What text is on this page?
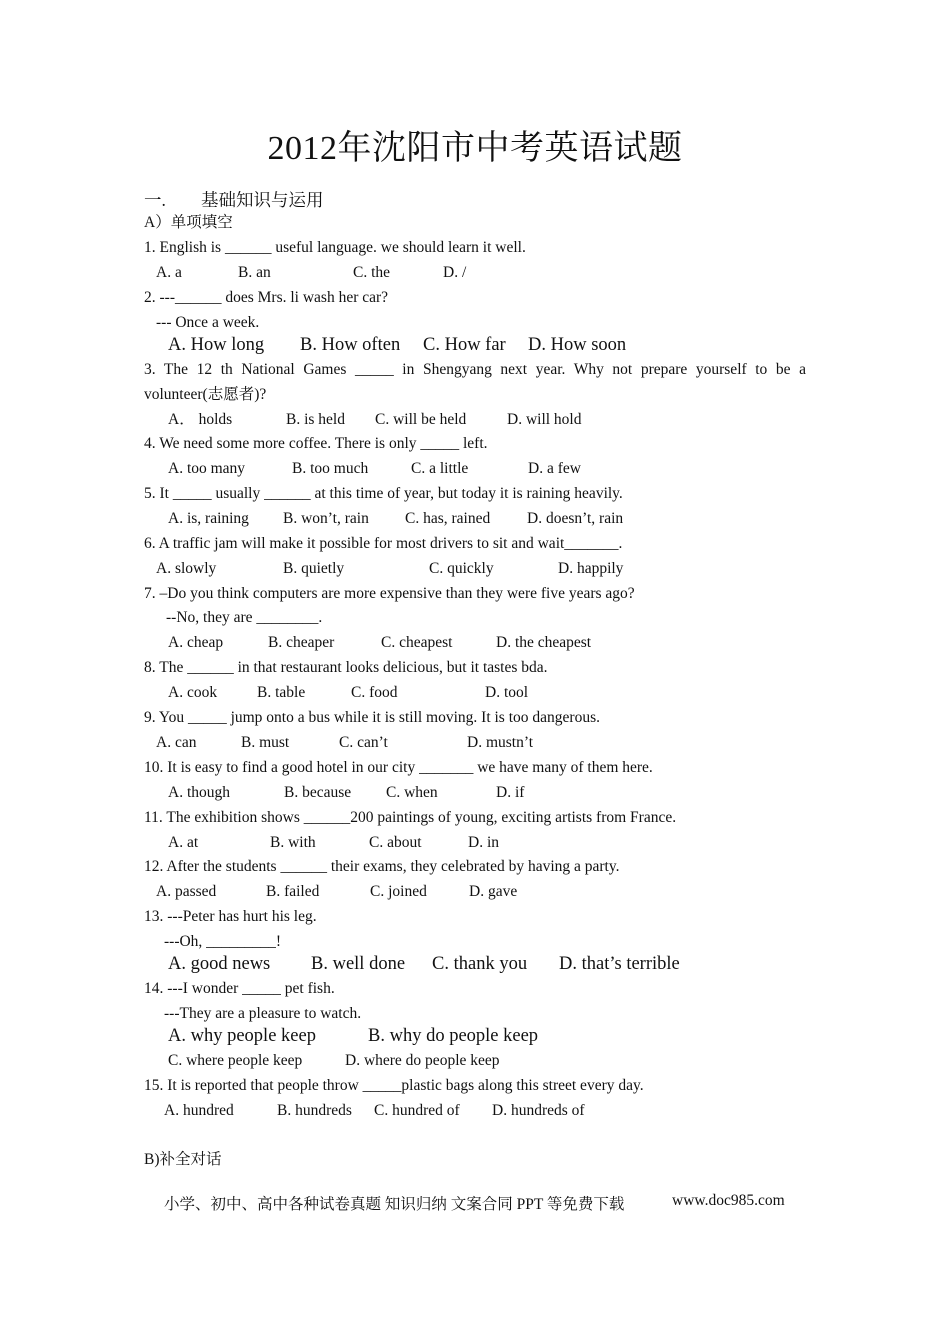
2012年沈阳市中考英语试题
一. 基础知识与运用
A）单项填空
1. English is ______ useful language. we should learn it well.
A. a	B. an	C. the	D. /
2. ---______ does Mrs. li wash her car?
--- Once a week.
A. How long B. How often C. How far D. How soon
3. The 12 th National Games _____ in Shengyang next year. Why not prepare yourself to be a
volunteer(志愿者)?
A． holds	B. is held C. will be held	D. will hold
4. We need some more coffee. There is only _____ left.
A. too many	B. too much	C. a little	D. a few
5. It _____ usually ______ at this time of year, but today it is raining heavily.
A. is, raining B. won’t, rain C. has, rained D. doesn’t, rain
6. A traffic jam will make it possible for most drivers to sit and wait_______.
A. slowly	B. quietly	C. quickly	D. happily
7. –Do you think computers are more expensive than they were five years ago?
--No, they are ________.
A. cheap	B. cheaper	C. cheapest	D. the cheapest
8. The ______ in that restaurant looks delicious, but it tastes bda.
A. cook	B. table	C. food	D. tool
9. You _____ jump onto a bus while it is still moving. It is too dangerous.
A. can	B. must	C. can’t	D. mustn’t
10. It is easy to find a good hotel in our city _______ we have many of them here.
A. though	B. because C. when	D. if
11. The exhibition shows ______200 paintings of young, exciting artists from France.
A. at	B. with	C. about	D. in
12. After the students ______ their exams, they celebrated by having a party.
A. passed	B. failed	C. joined	D. gave
13. ---Peter has hurt his leg.
---Oh, _________!
A. good news B. well done C. thank you D. that’s terrible
14. ---I wonder _____ pet fish.
---They are a pleasure to watch.
A. why people keep	B. why do people keep
C. where people keep	D. where do people keep
15. It is reported that people throw _____plastic bags along this street every day.
A. hundred	B. hundreds C. hundred of D. hundreds of
B)补全对话
小学、初中、高中各种试卷真题 知识归纳 文案合同 PPT 等免费下载	www.doc985.com
